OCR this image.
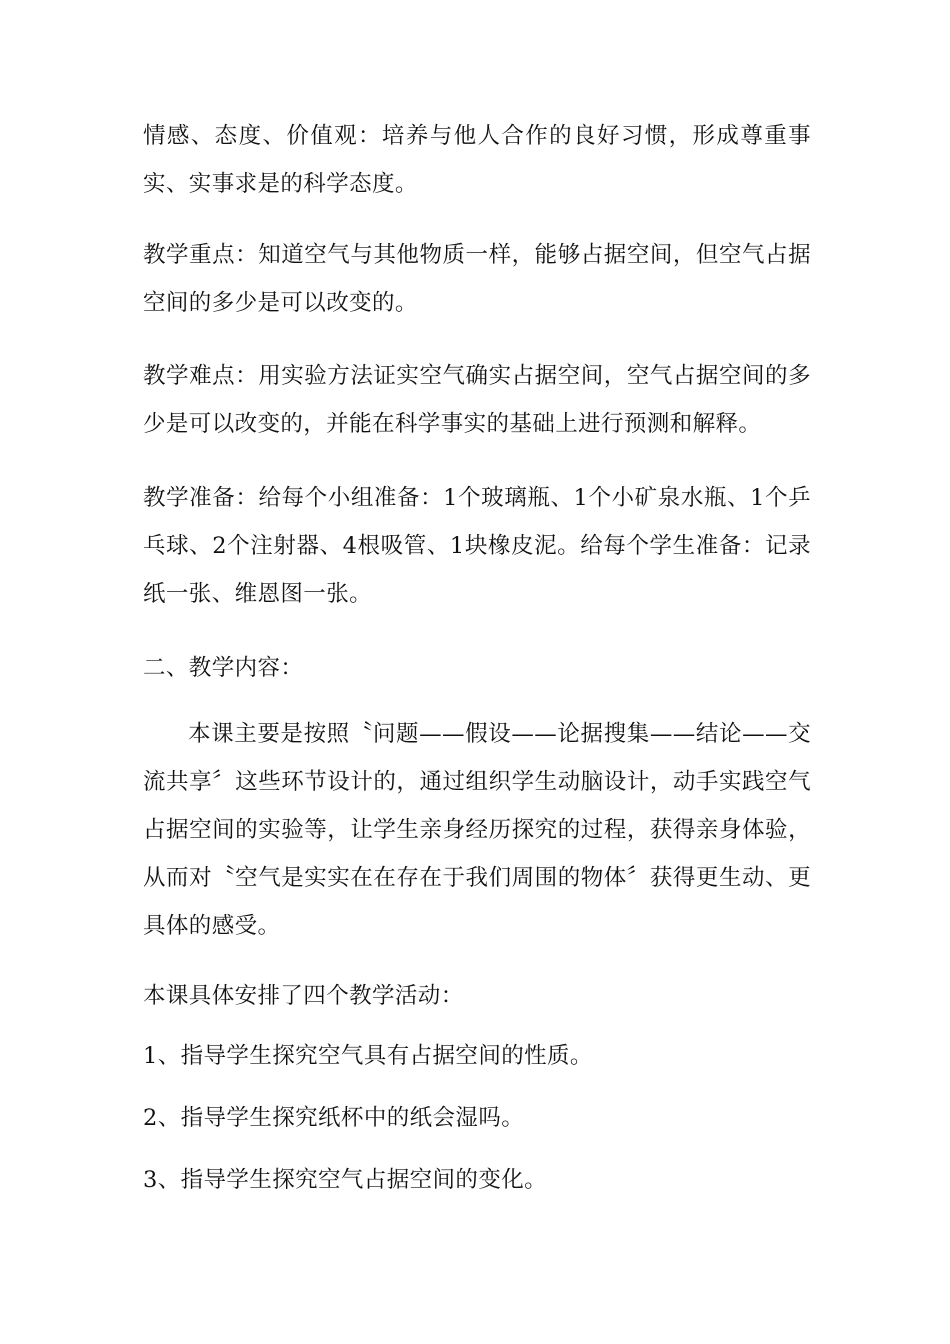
情感、态度、价值观：培养与他人合作的良好习惯，形成尊重事实、实事求是的科学态度。

教学重点：知道空气与其他物质一样，能够占据空间，但空气占据空间的多少是可以改变的。

教学难点：用实验方法证实空气确实占据空间，空气占据空间的多少是可以改变的，并能在科学事实的基础上进行预测和解释。

教学准备：给每个小组准备：1个玻璃瓶、1个小矿泉水瓶、1个乒乓球、2个注射器、4根吸管、1块橡皮泥。给每个学生准备：记录纸一张、维恩图一张。

二、教学内容：

本课主要是按照〝问题——假设——论据搜集——结论——交流共享〞这些环节设计的，通过组织学生动脑设计，动手实践空气占据空间的实验等，让学生亲身经历探究的过程，获得亲身体验，从而对〝空气是实实在在存在于我们周围的物体〞获得更生动、更具体的感受。

本课具体安排了四个教学活动：

1、指导学生探究空气具有占据空间的性质。

2、指导学生探究纸杯中的纸会湿吗。

3、指导学生探究空气占据空间的变化。
